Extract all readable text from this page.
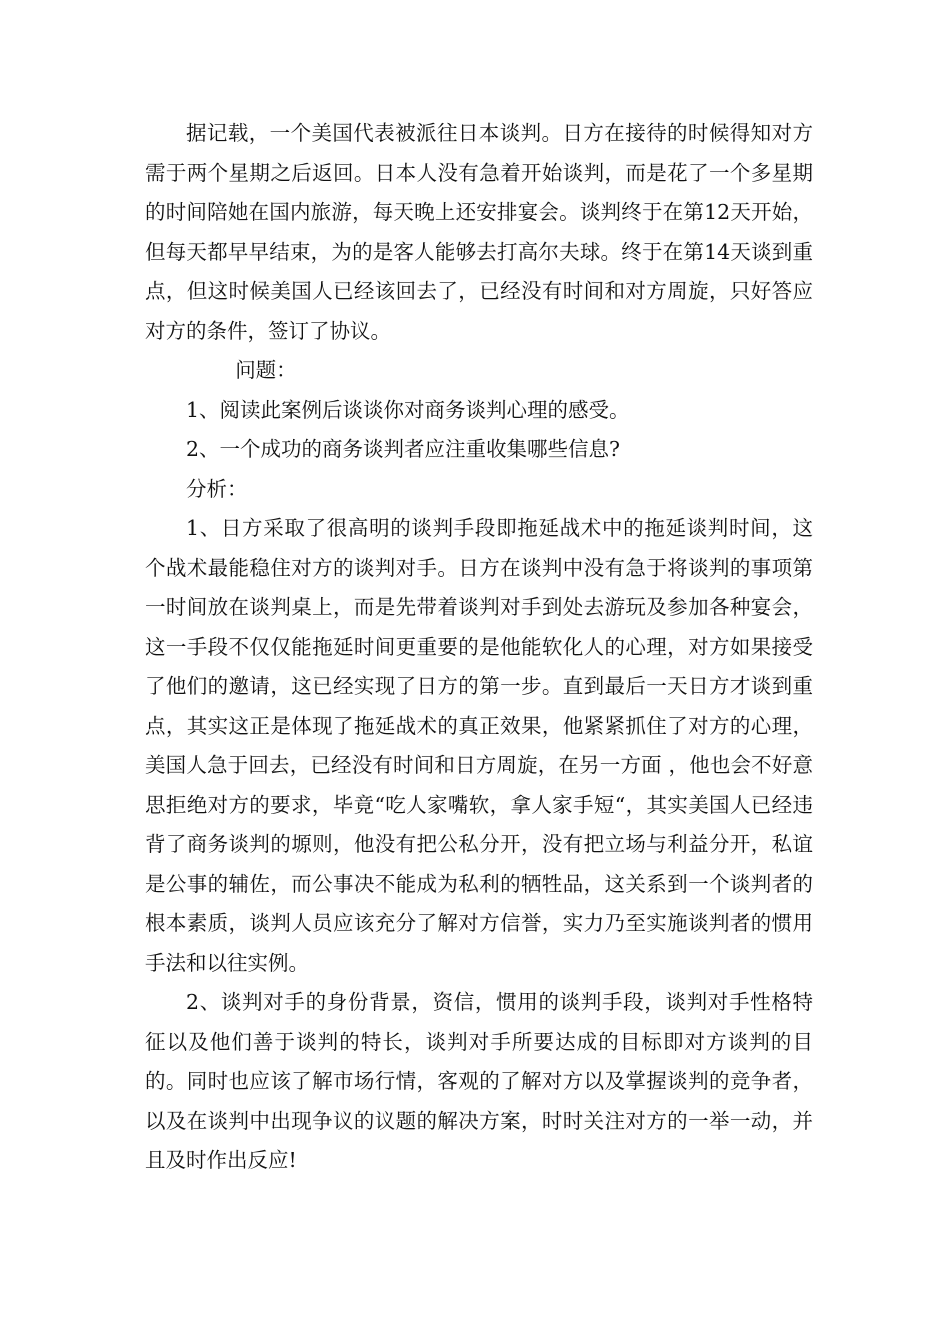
据记载，一个美国代表被派往日本谈判。日方在接待的时候得知对方需于两个星期之后返回。日本人没有急着开始谈判，而是花了一个多星期的时间陪她在国内旅游，每天晚上还安排宴会。谈判终于在第12天开始，但每天都早早结束，为的是客人能够去打高尔夫球。终于在第14天谈到重点，但这时候美国人已经该回去了，已经没有时间和对方周旋，只好答应对方的条件，签订了协议。

问题：

1、阅读此案例后谈谈你对商务谈判心理的感受。

2、一个成功的商务谈判者应注重收集哪些信息?

分析：

1、日方采取了很高明的谈判手段即拖延战术中的拖延谈判时间，这个战术最能稳住对方的谈判对手。日方在谈判中没有急于将谈判的事项第一时间放在谈判桌上，而是先带着谈判对手到处去游玩及参加各种宴会，这一手段不仅仅能拖延时间更重要的是他能软化人的心理，对方如果接受了他们的邀请，这已经实现了日方的第一步。直到最后一天日方才谈到重点，其实这正是体现了拖延战术的真正效果，他紧紧抓住了对方的心理，美国人急于回去，已经没有时间和日方周旋，在另一方面 ，他也会不好意思拒绝对方的要求，毕竟“吃人家嘴软，拿人家手短“，其实美国人已经违背了商务谈判的塬则，他没有把公私分开，没有把立场与利益分开，私谊是公事的辅佐，而公事决不能成为私利的牺牲品，这关系到一个谈判者的根本素质，谈判人员应该充分了解对方信誉，实力乃至实施谈判者的惯用手法和以往实例。

2、谈判对手的身份背景，资信，惯用的谈判手段，谈判对手性格特征以及他们善于谈判的特长，谈判对手所要达成的目标即对方谈判的目的。同时也应该了解市场行情，客观的了解对方以及掌握谈判的竞争者，以及在谈判中出现争议的议题的解决方案，时时关注对方的一举一动，并且及时作出反应!
